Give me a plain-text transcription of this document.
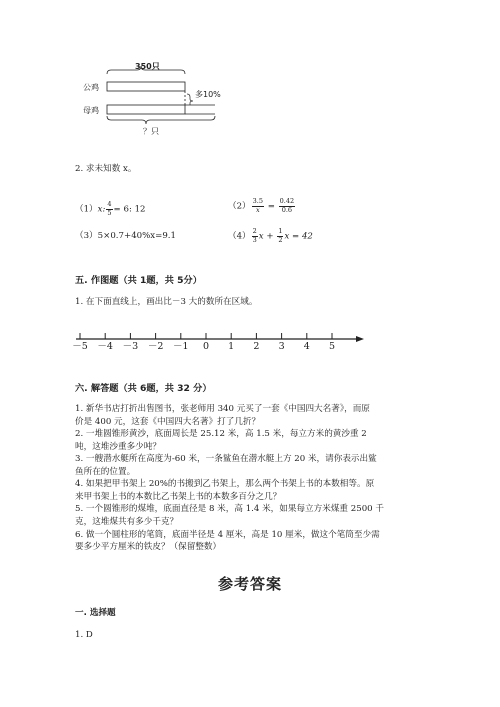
350只
公鸡
母鸡
多10%
？只
2. 求未知数 x。
（1）x: $\frac{4}{5} = 6$: 12	$(2) \frac{3.5}{x} = \frac{0.42}{0.6}$
（3）5×0.7+40%x=9.1	$(4) \frac{2}{3}$ $x + \frac{1}{2}$ x = 42
五. 作图题（共 1题，共 5分）
1. 在下面直线上，画出比－3 大的数所在区域。
－5	－4	－3	－2	－1	0	1	2	3	4	5
六. 解答题（共 6题，共 32 分）
1. 新华书店打折出售图书，张老师用 340 元买了一套《中国四大名著》，而原
价是 400 元，这套《中国四大名著》打了几折？
2. 一堆圆锥形黄沙，底面周长是 25.12 米，高 1.5 米，每立方米的黄沙重 2
吨，这堆沙重多少吨？
3. 一艘潜水艇所在高度为-60 米，一条鲨鱼在潜水艇上方 20 米，请你表示出鲨
鱼所在的位置。
4. 如果把甲书架上 20%的书搬到乙书架上，那么两个书架上书的本数相等。原
来甲书架上书的本数比乙书架上书的本数多百分之几？
5. 一个圆锥形的煤堆，底面直径是 8 米，高 1.4 米，如果每立方米煤重 2500 千
克，这堆煤共有多少千克？
6. 做一个圆柱形的笔筒，底面半径是 4 厘米，高是 10 厘米，做这个笔筒至少需
要多少平方厘米的铁皮？（保留整数）
参考答案
一. 选择题
1. D
